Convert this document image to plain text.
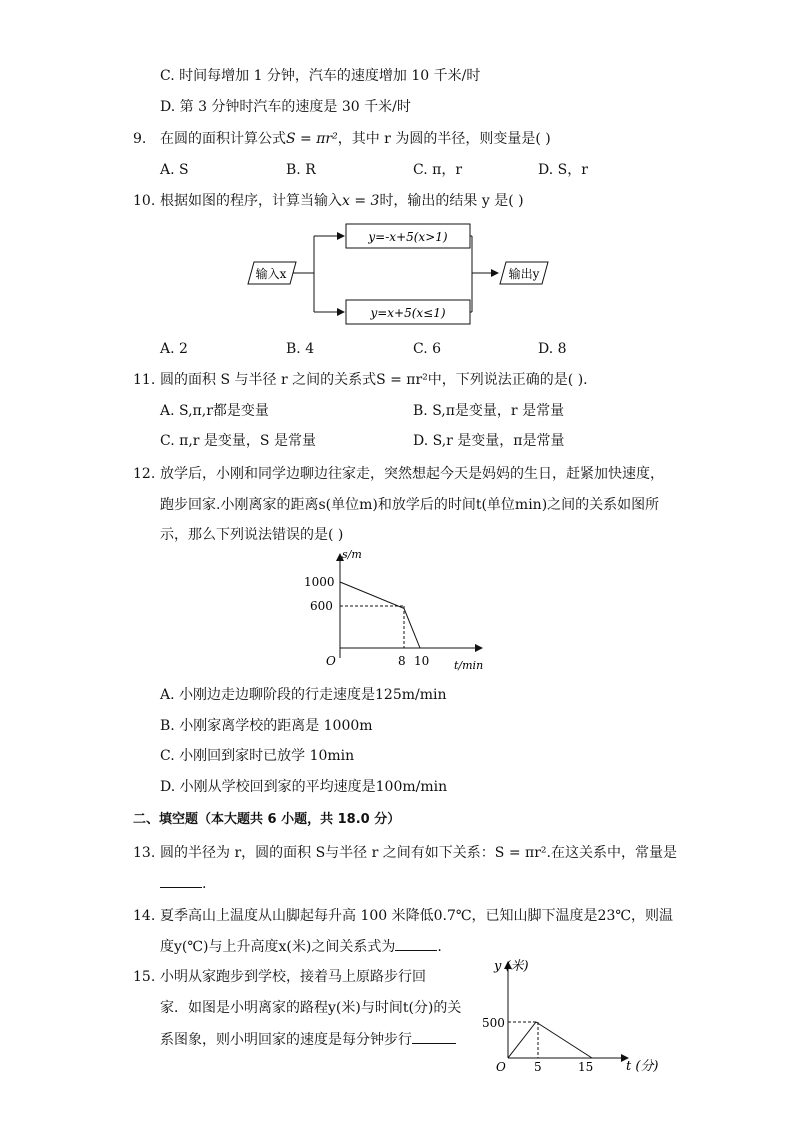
C. 时间每增加 1 分钟，汽车的速度增加 10 千米/时
D. 第 3 分钟时汽车的速度是 30 千米/时
9. 在圆的面积计算公式S = πr²，其中 r 为圆的半径，则变量是( )
A. S	B. R	C. π，r	D. S，r
10. 根据如图的程序，计算当输入x = 3时，输出的结果 y 是( )
输入x
y=-x+5(x>1)
y=x+5(x≤1)
输出y
A. 2	B. 4	C. 6	D. 8
11. 圆的面积 S 与半径 r 之间的关系式S = πr²中，下列说法正确的是( ).
A. S,π,r都是变量	B. S,π是变量，r 是常量
C. π,r 是变量，S 是常量	D. S,r 是变量，π是常量
12. 放学后，小刚和同学边聊边往家走，突然想起今天是妈妈的生日，赶紧加快速度，
跑步回家.小刚离家的距离s(单位m)和放学后的时间t(单位min)之间的关系如图所
示，那么下列说法错误的是( )
s/m
t/min
O
1000
600
8 10
A. 小刚边走边聊阶段的行走速度是125m/min
B. 小刚家离学校的距离是 1000m
C. 小刚回到家时已放学 10min
D. 小刚从学校回到家的平均速度是100m/min
二、填空题（本大题共 6 小题，共 18.0 分）
13. 圆的半径为 r，圆的面积 S与半径 r 之间有如下关系：S = πr².在这关系中，常量是
.
14. 夏季高山上温度从山脚起每升高 100 米降低0.7℃，已知山脚下温度是23℃，则温
度y(℃)与上升高度x(米)之间关系式为	.
15. 小明从家跑步到学校，接着马上原路步行回
家．如图是小明离家的路程y(米)与时间t(分)的关
系图象，则小明回家的速度是每分钟步行
y (米)
t (分)
O
500
5	15
